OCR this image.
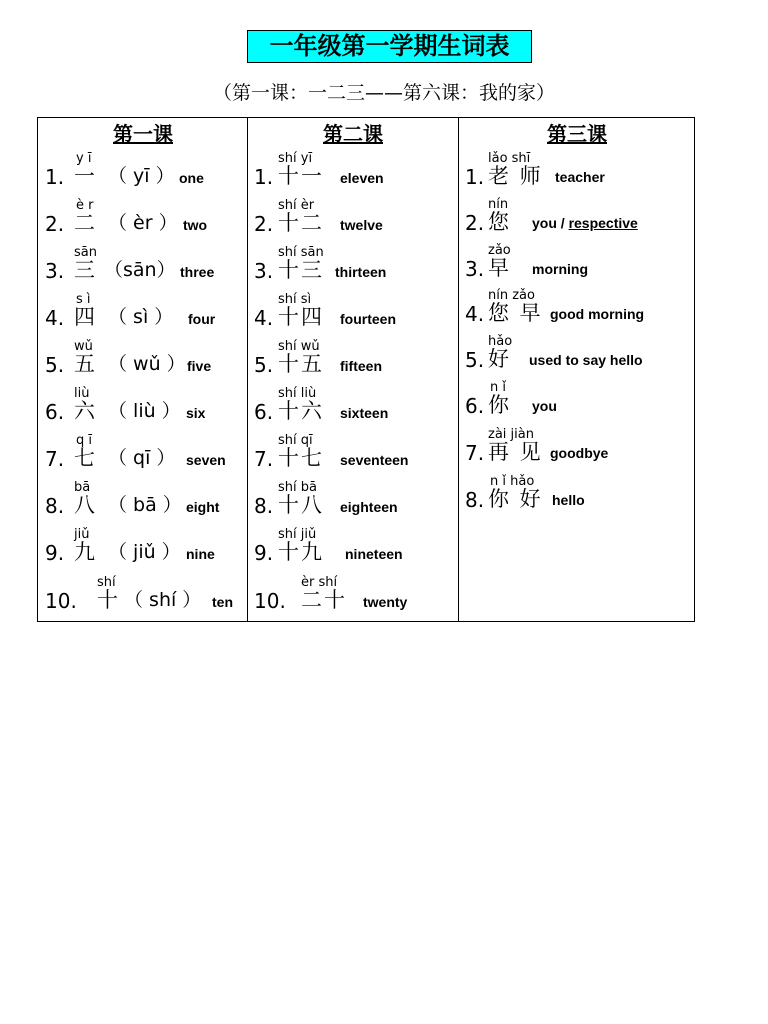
一年级第一学期生词表
（第一课：一二三——第六课：我的家）
第一课	第二课	第三课
y ī
1. 一 （ yī ） one
è r
2. 二 （ èr ） two
sān
3. 三 （sān） three
s ì
4. 四 （ sì ） four
wǔ
5. 五 （ wǔ ） five
liù
6. 六 （ liù ） six
q ī
7. 七 （ qī ） seven
bā
8. 八 （ bā ） eight
jiǔ
9. 九 （ jiǔ ） nine
shí
10. 十 （ shí ） ten
shí yī
1. 十一 eleven
shí èr
2. 十二 twelve
shí sān
3. 十三 thirteen
shí sì
4. 十四 fourteen
shí wǔ
5. 十五 fifteen
shí liù
6. 十六 sixteen
shí qī
7. 十七 seventeen
shí bā
8. 十八 eighteen
shí jiǔ
9. 十九 nineteen
èr shí
10. 二十 twenty
lǎo shī
1. 老 师 teacher
nín
2. 您 you / respective
zǎo
3. 早 morning
nín zǎo
4. 您 早 good morning
hǎo
5. 好 used to say hello
n ǐ
6. 你 you
zài jiàn
7. 再 见 goodbye
n ǐ hǎo
8. 你 好 hello
